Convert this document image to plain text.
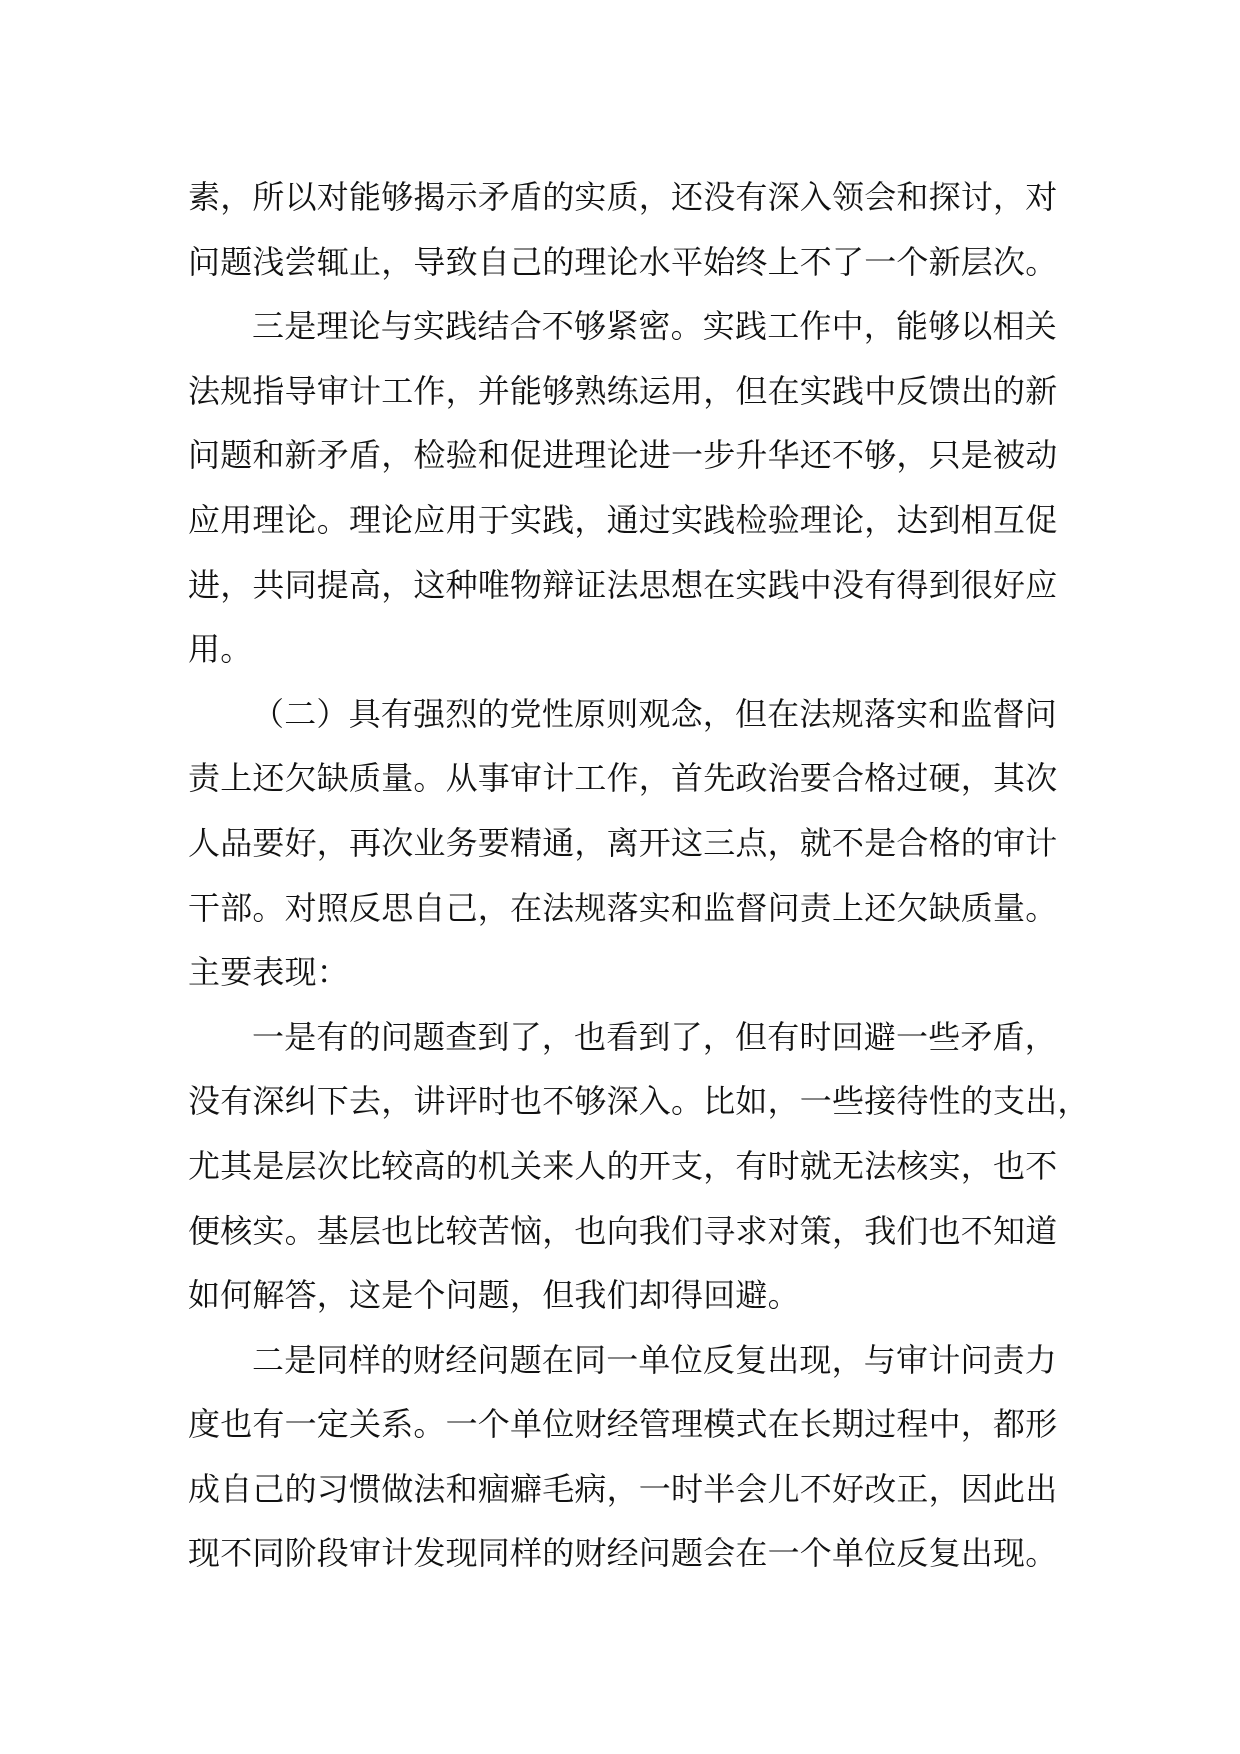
素，所以对能够揭示矛盾的实质，还没有深入领会和探讨，对
问题浅尝辄止，导致自己的理论水平始终上不了一个新层次。
三是理论与实践结合不够紧密。实践工作中，能够以相关
法规指导审计工作，并能够熟练运用，但在实践中反馈出的新
问题和新矛盾，检验和促进理论进一步升华还不够，只是被动
应用理论。理论应用于实践，通过实践检验理论，达到相互促
进，共同提高，这种唯物辩证法思想在实践中没有得到很好应
用。
（二）具有强烈的党性原则观念，但在法规落实和监督问
责上还欠缺质量。从事审计工作，首先政治要合格过硬，其次
人品要好，再次业务要精通，离开这三点，就不是合格的审计
干部。对照反思自己，在法规落实和监督问责上还欠缺质量。
主要表现：
一是有的问题查到了，也看到了，但有时回避一些矛盾，
没有深纠下去，讲评时也不够深入。比如，一些接待性的支出，
尤其是层次比较高的机关来人的开支，有时就无法核实，也不
便核实。基层也比较苦恼，也向我们寻求对策，我们也不知道
如何解答，这是个问题，但我们却得回避。
二是同样的财经问题在同一单位反复出现，与审计问责力
度也有一定关系。一个单位财经管理模式在长期过程中，都形
成自己的习惯做法和痼癖毛病，一时半会儿不好改正，因此出
现不同阶段审计发现同样的财经问题会在一个单位反复出现。
